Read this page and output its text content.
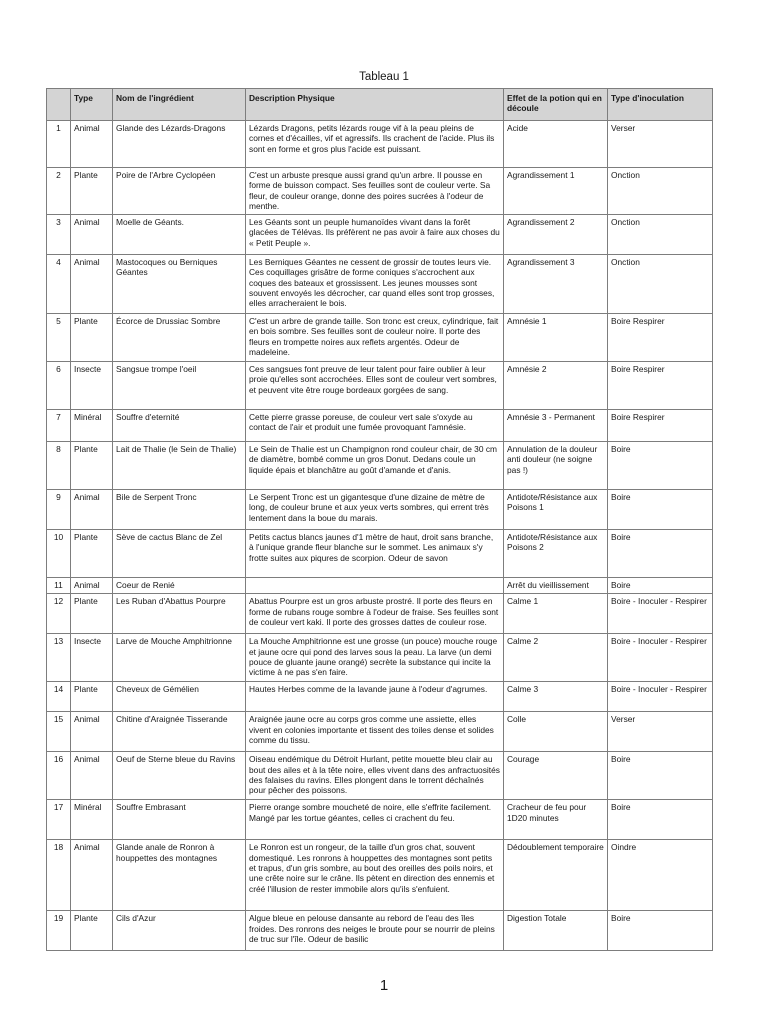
Tableau 1
	Type	Nom de l'ingrédient	Description Physique	Effet de la potion qui en découle	Type d'inoculation
1	Animal	Glande des Lézards-Dragons	Lézards Dragons, petits lézards rouge vif à la peau pleins de cornes et d'écailles, vif et agressifs. Ils crachent de l'acide. Plus ils sont en forme et gros plus l'acide est puissant.	Acide	Verser
2	Plante	Poire de l'Arbre Cyclopéen	C'est un arbuste presque aussi grand qu'un arbre. Il pousse en forme de buisson compact. Ses feuilles sont de couleur verte. Sa fleur, de couleur orange, donne des poires sucrées à l'odeur de menthe.	Agrandissement 1	Onction
3	Animal	Moelle de Géants.	Les Géants sont un peuple humanoïdes vivant dans la forêt glacées de Télévas. Ils préfèrent ne pas avoir à faire aux choses du « Petit Peuple ».	Agrandissement 2	Onction
4	Animal	Mastocoques ou Berniques Géantes	Les Berniques Géantes ne cessent de grossir de toutes leurs vie. Ces coquillages grisâtre de forme coniques s'accrochent aux coques des bateaux et grossissent. Les jeunes mousses sont souvent envoyés les décrocher, car quand elles sont trop grosses, elles arracheraient le bois.	Agrandissement 3	Onction
5	Plante	Écorce de Drussiac Sombre	C'est un arbre de grande taille. Son tronc est creux, cylindrique, fait en bois sombre. Ses feuilles sont de couleur noire. Il porte des fleurs en trompette noires aux reflets argentés. Odeur de madeleine.	Amnésie 1	Boire Respirer
6	Insecte	Sangsue trompe l'oeil	Ces sangsues font preuve de leur talent pour faire oublier à leur proie qu'elles sont accrochées. Elles sont de couleur vert sombres, et peuvent vite être rouge bordeaux gorgées de sang.	Amnésie 2	Boire Respirer
7	Minéral	Souffre d'eternité	Cette pierre grasse poreuse, de couleur vert sale s'oxyde au contact de l'air et produit une fumée provoquant l'amnésie.	Amnésie 3 - Permanent	Boire Respirer
8	Plante	Lait de Thalie (le Sein de Thalie)	Le Sein de Thalie est un Champignon rond couleur chair, de 30 cm de diamètre, bombé comme un gros Donut. Dedans coule un liquide épais et blanchâtre au goût d'amande et d'anis.	Annulation de la douleur anti douleur (ne soigne pas !)	Boire
9	Animal	Bile de Serpent Tronc	Le Serpent Tronc est un gigantesque d'une dizaine de mètre de long, de couleur brune et aux yeux verts sombres, qui errent très lentement dans la boue du marais.	Antidote/Résistance aux Poisons 1	Boire
10	Plante	Sève de cactus Blanc de Zel	Petits cactus blancs jaunes d'1 mètre de haut, droit sans branche, à l'unique grande fleur blanche sur le sommet. Les animaux s'y frotte suites aux piqures de scorpion. Odeur de savon	Antidote/Résistance aux Poisons 2	Boire
11	Animal	Coeur de Renié		Arrêt du vieillissement	Boire
12	Plante	Les Ruban d'Abattus Pourpre	Abattus Pourpre est un gros arbuste prostré. Il porte des fleurs en forme de rubans rouge sombre à l'odeur de fraise. Ses feuilles sont de couleur vert kaki. Il porte des grosses dattes de couleur rose.	Calme 1	Boire - Inoculer - Respirer
13	Insecte	Larve de Mouche Amphitrionne	La Mouche Amphitrionne est une grosse (un pouce) mouche rouge et jaune ocre qui pond des larves sous la peau. La larve (un demi pouce de gluante jaune orangé) secrète la substance qui incite la victime à ne pas s'en faire.	Calme 2	Boire - Inoculer - Respirer
14	Plante	Cheveux de Gémélien	Hautes Herbes comme de la lavande jaune à l'odeur d'agrumes.	Calme 3	Boire - Inoculer - Respirer
15	Animal	Chitine d'Araignée Tisserande	Araignée jaune ocre au corps gros comme une assiette, elles vivent en colonies importante et tissent des toiles dense et solides comme du tissu.	Colle	Verser
16	Animal	Oeuf de Sterne bleue du Ravins	Oiseau endémique du Détroit Hurlant, petite mouette bleu clair au bout des ailes et à la tête noire, elles vivent dans des anfractuosités des falaises du ravins. Elles plongent dans le torrent déchaînés pour pêcher des poissons.	Courage	Boire
17	Minéral	Souffre Embrasant	Pierre orange sombre moucheté de noire, elle s'effrite facilement. Mangé par les tortue géantes, celles ci crachent du feu.	Cracheur de feu pour 1D20 minutes	Boire
18	Animal	Glande anale de Ronron à houppettes des montagnes	Le Ronron est un rongeur, de la taille d'un gros chat, souvent domestiqué. Les ronrons à houppettes des montagnes sont petits et trapus, d'un gris sombre, au bout des oreilles des poils noirs, et une crête noire sur le crâne. Ils pètent en direction des ennemis et créé l'illusion de rester immobile alors qu'ils s'enfuient.	Dédoublement temporaire	Oindre
19	Plante	Cils d'Azur	Algue bleue en pelouse dansante au rebord de l'eau des îles froides. Des ronrons des neiges le broute pour se nourrir de pleins de truc sur l'île. Odeur de basilic	Digestion Totale	Boire
1
